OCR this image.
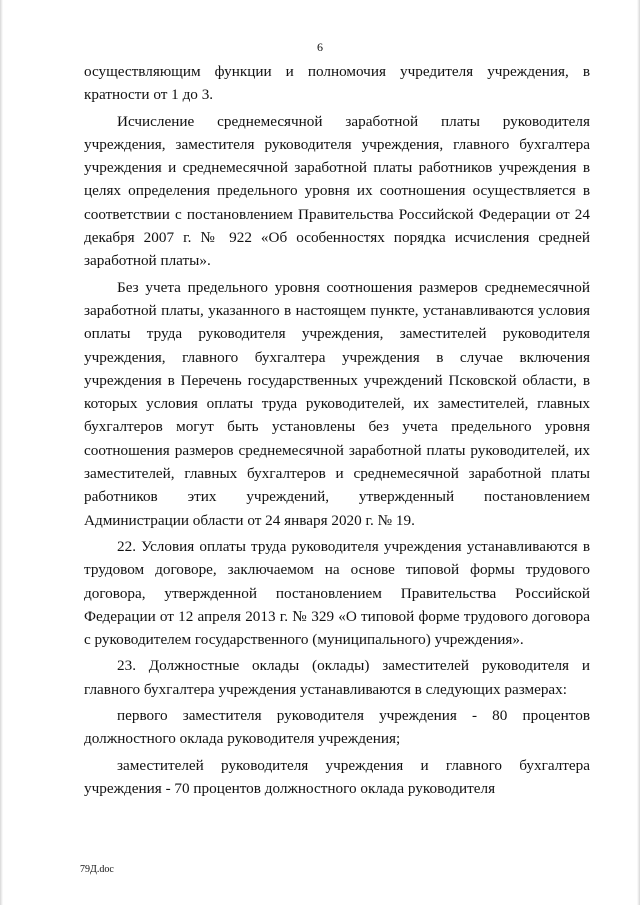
6

осуществляющим функции и полномочия учредителя учреждения, в кратности от 1 до 3.

Исчисление среднемесячной заработной платы руководителя учреждения, заместителя руководителя учреждения, главного бухгалтера учреждения и среднемесячной заработной платы работников учреждения в целях определения предельного уровня их соотношения осуществляется в соответствии с постановлением Правительства Российской Федерации от 24 декабря 2007 г. № 922 «Об особенностях порядка исчисления средней заработной платы».

Без учета предельного уровня соотношения размеров среднемесячной заработной платы, указанного в настоящем пункте, устанавливаются условия оплаты труда руководителя учреждения, заместителей руководителя учреждения, главного бухгалтера учреждения в случае включения учреждения в Перечень государственных учреждений Псковской области, в которых условия оплаты труда руководителей, их заместителей, главных бухгалтеров могут быть установлены без учета предельного уровня соотношения размеров среднемесячной заработной платы руководителей, их заместителей, главных бухгалтеров и среднемесячной заработной платы работников этих учреждений, утвержденный постановлением Администрации области от 24 января 2020 г. № 19.

22. Условия оплаты труда руководителя учреждения устанавливаются в трудовом договоре, заключаемом на основе типовой формы трудового договора, утвержденной постановлением Правительства Российской Федерации от 12 апреля 2013 г. № 329 «О типовой форме трудового договора с руководителем государственного (муниципального) учреждения».

23. Должностные оклады (оклады) заместителей руководителя и главного бухгалтера учреждения устанавливаются в следующих размерах:

первого заместителя руководителя учреждения - 80 процентов должностного оклада руководителя учреждения;

заместителей руководителя учреждения и главного бухгалтера учреждения - 70 процентов должностного оклада руководителя

79Д.doc
